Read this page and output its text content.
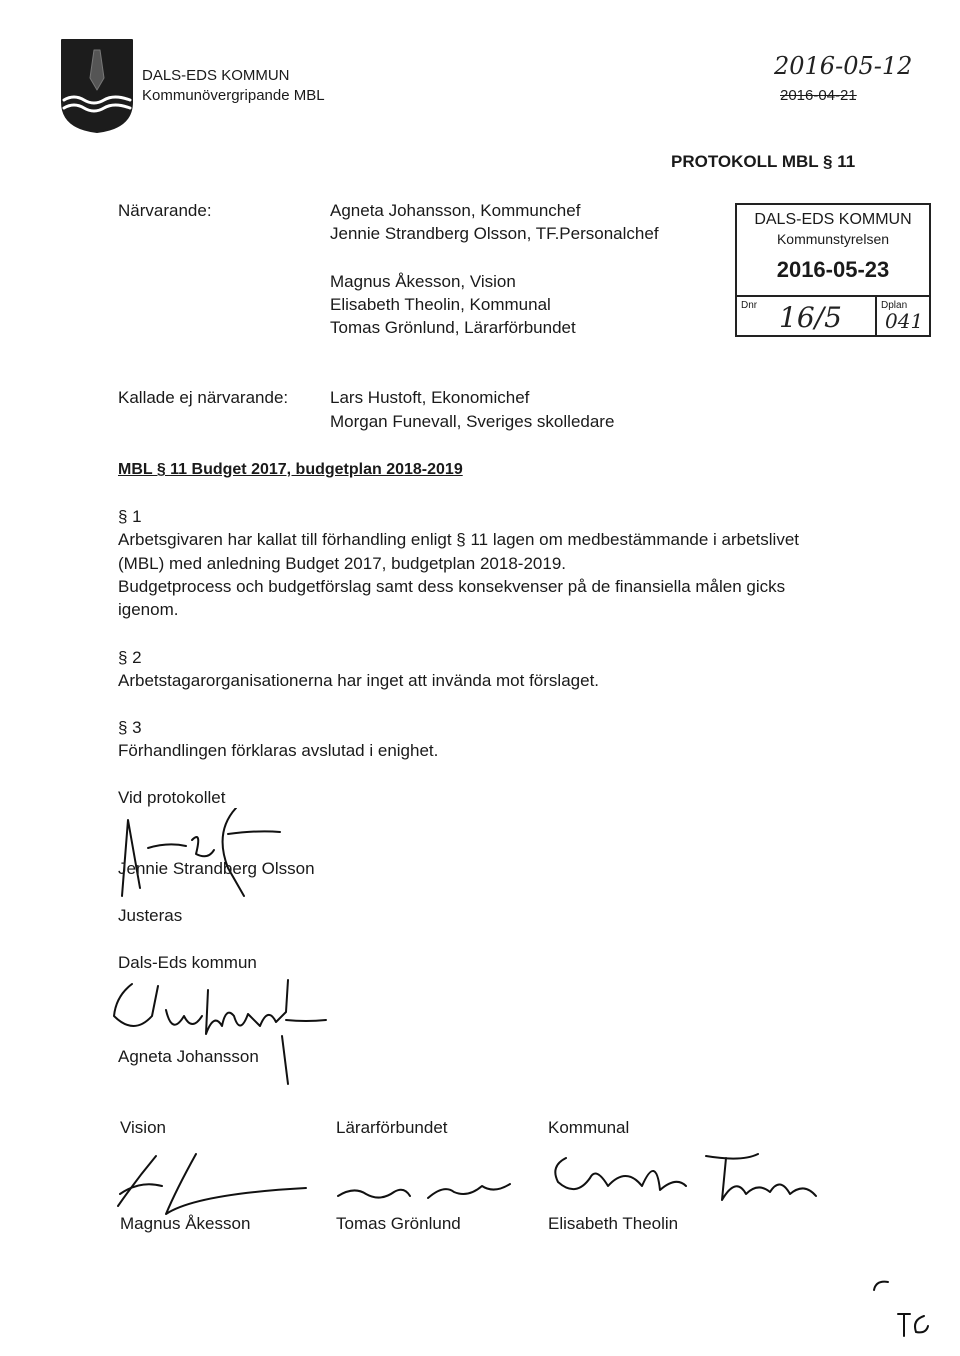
DALS-EDS KOMMUN
Kommunövergripande MBL
2016-05-12
2016-04-21
PROTOKOLL MBL § 11
Närvarande:	Agneta Johansson, Kommunchef
Jennie Strandberg Olsson, TF.Personalchef
Magnus Åkesson, Vision
Elisabeth Theolin, Kommunal
Tomas Grönlund, Lärarförbundet
DALS-EDS KOMMUN
Kommunstyrelsen
2016-05-23
Dnr 16/5	Dplan
041
Kallade ej närvarande: Lars Hustoft, Ekonomichef
Morgan Funevall, Sveriges skolledare
MBL § 11 Budget 2017, budgetplan 2018-2019
§ 1
Arbetsgivaren har kallat till förhandling enligt § 11 lagen om medbestämmande i arbetslivet
(MBL) med anledning Budget 2017, budgetplan 2018-2019.
Budgetprocess och budgetförslag samt dess konsekvenser på de finansiella målen gicks
igenom.
§ 2
Arbetstagarorganisationerna har inget att invända mot förslaget.
§ 3
Förhandlingen förklaras avslutad i enighet.
Vid protokollet
Jennie Strandberg Olsson
Justeras
Dals-Eds kommun
Agneta Johansson
Vision	Lärarförbundet	Kommunal
Magnus Åkesson	Tomas Grönlund	Elisabeth Theolin
